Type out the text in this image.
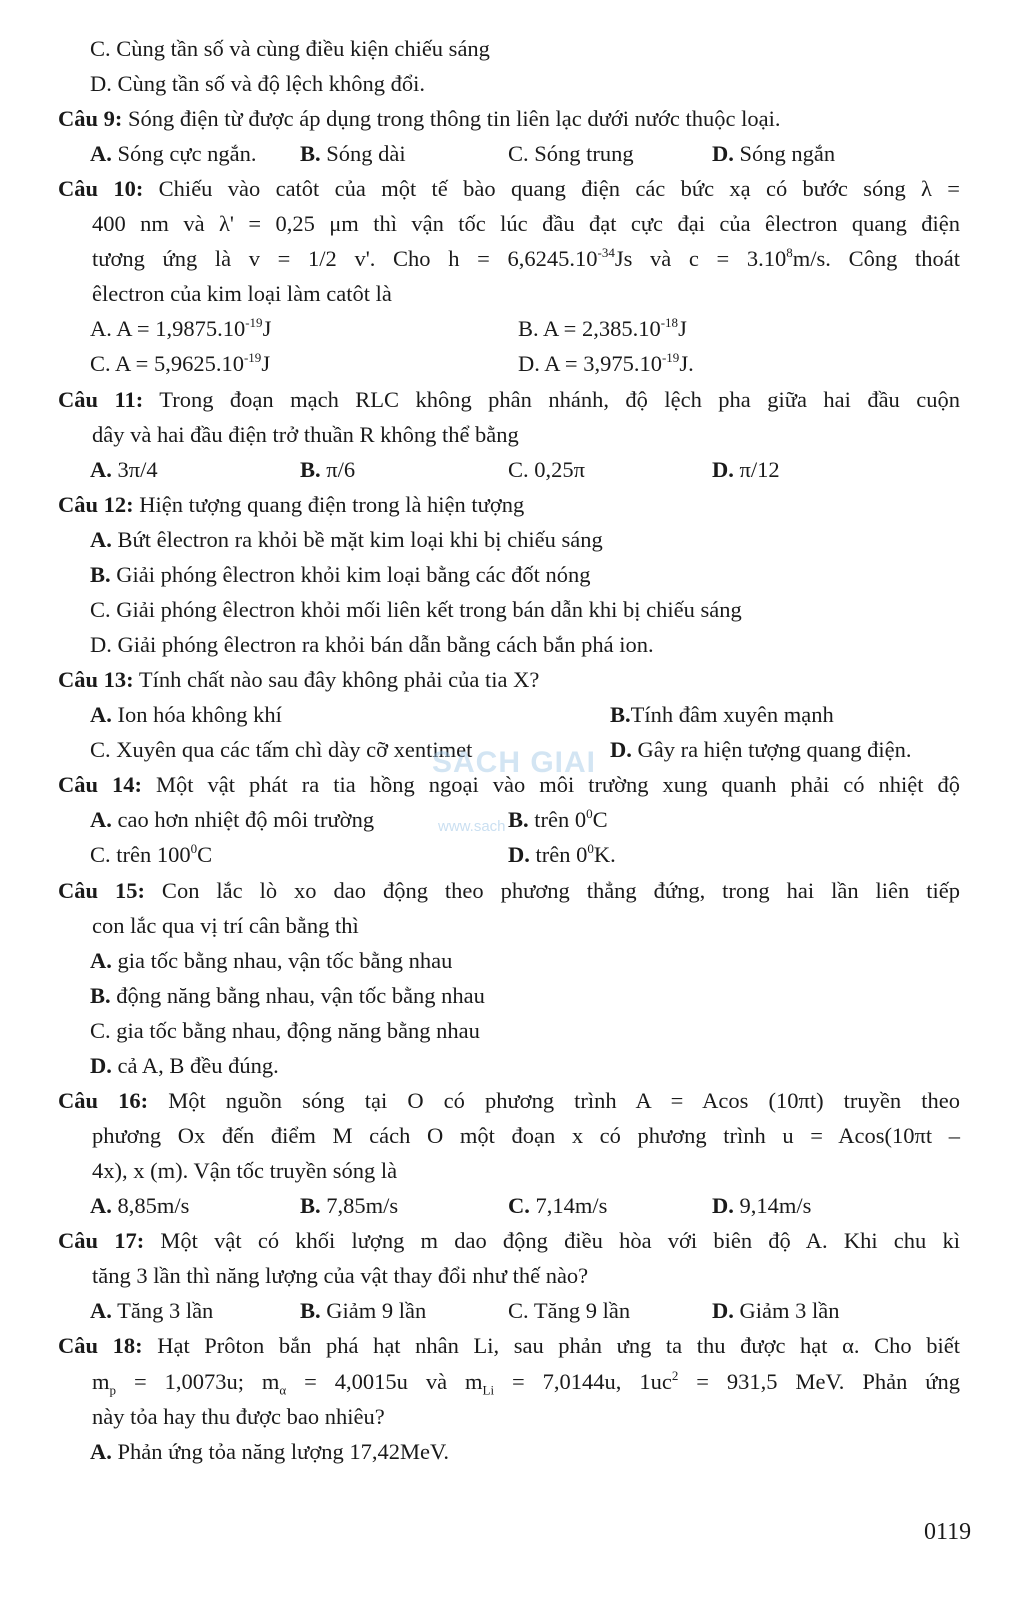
C. Cùng tần số và cùng điều kiện chiếu sáng
D. Cùng tần số và độ lệch không đổi.
Câu 9: Sóng điện từ được áp dụng trong thông tin liên lạc dưới nước thuộc loại.
A. Sóng cực ngắn. B. Sóng dài	C. Sóng trung	D. Sóng ngắn
Câu 10: Chiếu vào catôt của một tế bào quang điện các bức xạ có bước sóng λ =
400 nm và λ' = 0,25 μm thì vận tốc lúc đầu đạt cực đại của êlectron quang điện
tương ứng là v = 1/2 v'. Cho $h = 6,6245.10^{-34}Js$ và $c = 3.10^8m/s$. Công thoát
êlectron của kim loại làm catôt là
A. $A = 1,9875.10^{-19}J$	B. $A = 2,385.10^{-18}J$
C. $A = 5,9625.10^{-19}J$	D. $A = 3,975.10^{-19}J$.
Câu 11: Trong đoạn mạch RLC không phân nhánh, độ lệch pha giữa hai đầu cuộn
dây và hai đầu điện trở thuần R không thể bằng
A. 3π/4	B. π/6	C. 0,25π	D. π/12
Câu 12: Hiện tượng quang điện trong là hiện tượng
A. Bứt êlectron ra khỏi bề mặt kim loại khi bị chiếu sáng
B. Giải phóng êlectron khỏi kim loại bằng các đốt nóng
C. Giải phóng êlectron khỏi mối liên kết trong bán dẫn khi bị chiếu sáng
D. Giải phóng êlectron ra khỏi bán dẫn bằng cách bắn phá ion.
Câu 13: Tính chất nào sau đây không phải của tia X?
A. Ion hóa không khí	B.Tính đâm xuyên mạnh
C. Xuyên qua các tấm chì dày cỡ xentimet	D. Gây ra hiện tượng quang điện.
Câu 14: Một vật phát ra tia hồng ngoại vào môi trường xung quanh phải có nhiệt độ
A. cao hơn nhiệt độ môi trường	B. trên $0^0C$
C. trên $100^0C$	D. trên $0^0K$.
Câu 15: Con lắc lò xo dao động theo phương thẳng đứng, trong hai lần liên tiếp
con lắc qua vị trí cân bằng thì
A. gia tốc bằng nhau, vận tốc bằng nhau
B. động năng bằng nhau, vận tốc bằng nhau
C. gia tốc bằng nhau, động năng bằng nhau
D. cả A, B đều đúng.
Câu 16: Một nguồn sóng tại O có phương trình A = Acos (10πt) truyền theo
phương Ox đến điểm M cách O một đoạn x có phương trình u = Acos(10πt –
4x), x (m). Vận tốc truyền sóng là
A. 8,85m/s	B. 7,85m/s	C. 7,14m/s	D. 9,14m/s
Câu 17: Một vật có khối lượng m dao động điều hòa với biên độ A. Khi chu kì
tăng 3 lần thì năng lượng của vật thay đổi như thế nào?
A. Tăng 3 lần	B. Giảm 9 lần	C. Tăng 9 lần	D. Giảm 3 lần
Câu 18: Hạt Prôton bắn phá hạt nhân Li, sau phản ưng ta thu được hạt α. Cho biết
$m_p = 1,0073u$; $m_\alpha = 4,0015u$ và $m_{Li} = 7,0144u$, $1uc^2 = 931,5$ MeV. Phản ứng
này tỏa hay thu được bao nhiêu?
A. Phản ứng tỏa năng lượng 17,42MeV.
SACH GIAI
www.sach
0119
